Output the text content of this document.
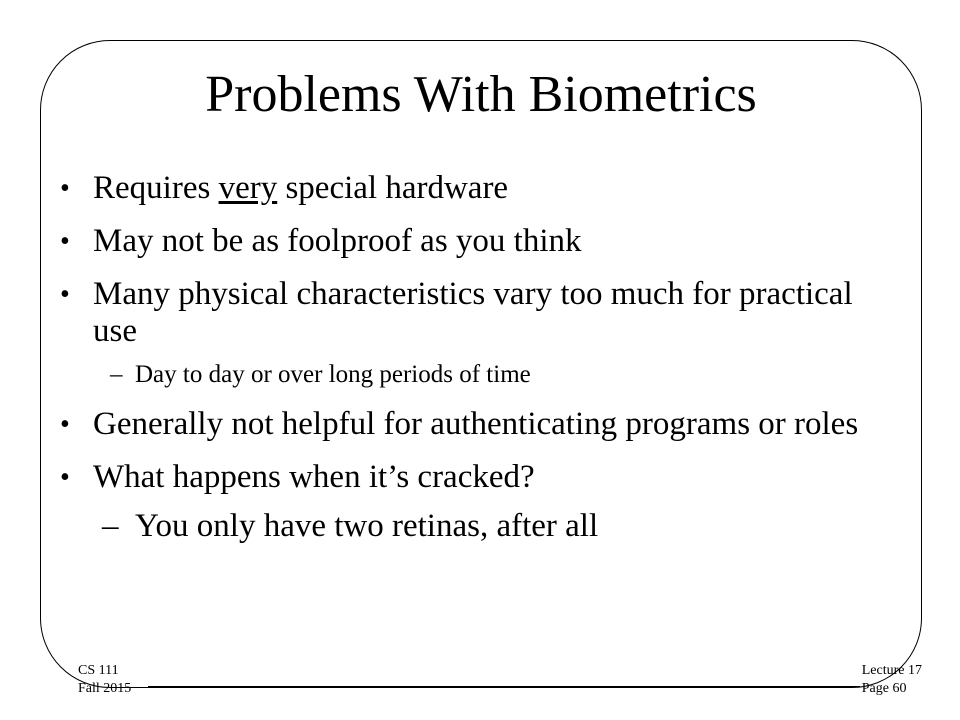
Problems With Biometrics
• Requires very special hardware
• May not be as foolproof as you think
• Many physical characteristics vary too much for practical use
– Day to day or over long periods of time
• Generally not helpful for authenticating programs or roles
• What happens when it’s cracked?
– You only have two retinas, after all
CS 111
Fall 2015
Lecture 17
Page 60
